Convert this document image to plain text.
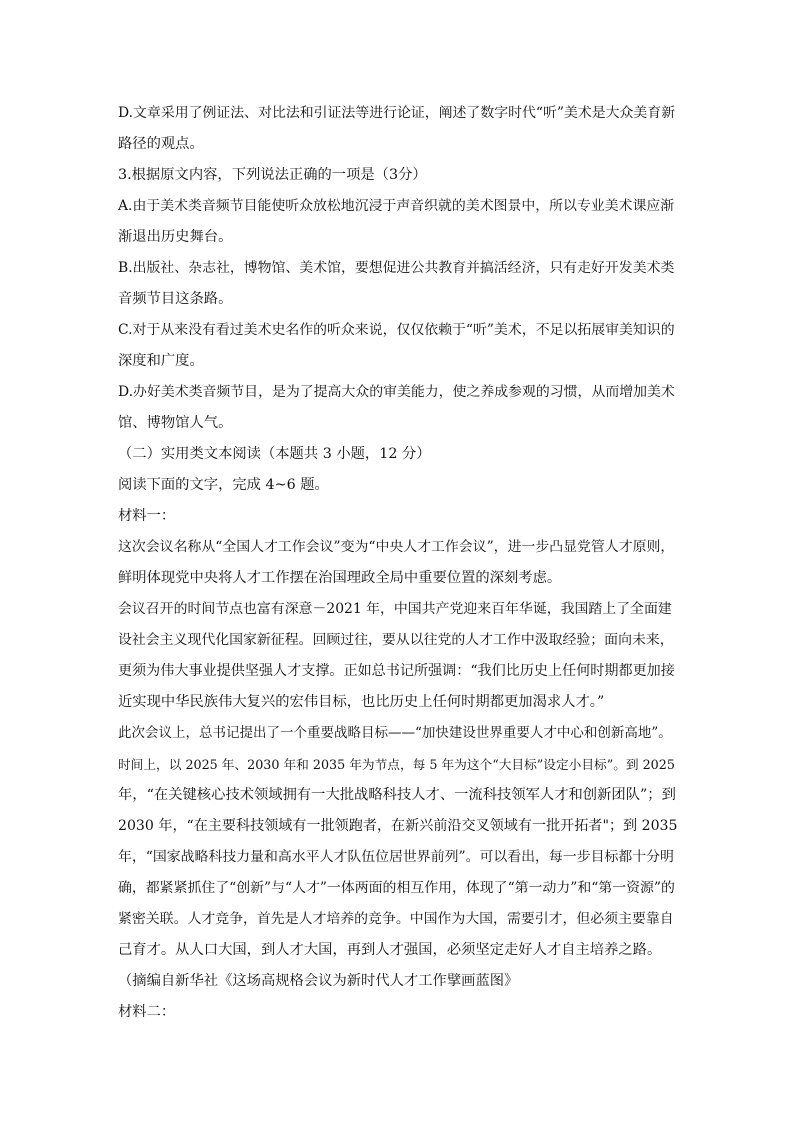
D.文章采用了例证法、对比法和引证法等进行论证，阐述了数字时代“听”美术是大众美育新
路径的观点。
3.根据原文内容，下列说法正确的一项是（3分）
A.由于美术类音频节目能使听众放松地沉浸于声音织就的美术图景中，所以专业美术课应渐
渐退出历史舞台。
B.出版社、杂志社，博物馆、美术馆，要想促进公共教育并搞活经济，只有走好开发美术类
音频节目这条路。
C.对于从来没有看过美术史名作的听众来说，仅仅依赖于“听”美术，不足以拓展审美知识的
深度和广度。
D.办好美术类音频节目，是为了提高大众的审美能力，使之养成参观的习惯，从而增加美术
馆、博物馆人气。
（二）实用类文本阅读（本题共 3 小题，12 分）
阅读下面的文字，完成 4~6 题。
材料一：
这次会议名称从“全国人才工作会议”变为“中央人才工作会议”，进一步凸显党管人才原则，
鲜明体现党中央将人才工作摆在治国理政全局中重要位置的深刻考虑。
会议召开的时间节点也富有深意－2021 年，中国共产党迎来百年华诞，我国踏上了全面建
设社会主义现代化国家新征程。回顾过往，要从以往党的人才工作中汲取经验；面向未来，
更须为伟大事业提供坚强人才支撑。正如总书记所强调：“我们比历史上任何时期都更加接
近实现中华民族伟大复兴的宏伟目标，也比历史上任何时期都更加渴求人才。”
此次会议上，总书记提出了一个重要战略目标——“加快建设世界重要人才中心和创新高地”。
时间上，以 2025 年、2030 年和 2035 年为节点，每 5 年为这个“大目标”设定小目标”。到 2025
年，“在关键核心技术领域拥有一大批战略科技人才、一流科技领军人才和创新团队”；到
2030 年，“在主要科技领域有一批领跑者，在新兴前沿交叉领域有一批开拓者"；到 2035
年，“国家战略科技力量和高水平人才队伍位居世界前列”。可以看出，每一步目标都十分明
确，都紧紧抓住了“创新”与“人才”一体两面的相互作用，体现了“第一动力”和“第一资源”的
紧密关联。人才竞争，首先是人才培养的竞争。中国作为大国，需要引才，但必须主要靠自
己育才。从人口大国，到人才大国，再到人才强国，必须坚定走好人才自主培养之路。
（摘编自新华社《这场高规格会议为新时代人才工作擘画蓝图》
材料二：
